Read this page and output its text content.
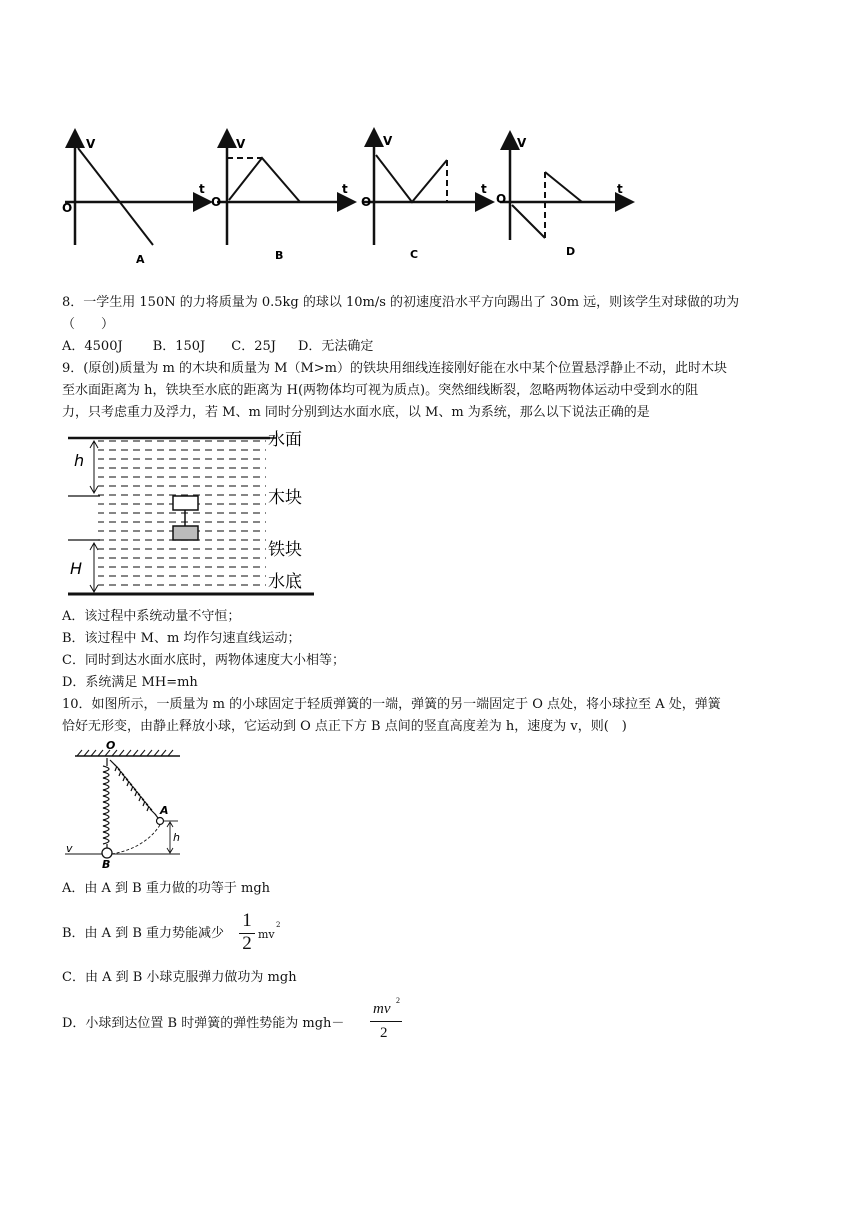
V
t
O
A
V
t
O
B
V
t
O
C
V
t
O
D
8．一学生用 150N 的力将质量为 0.5kg 的球以 10m/s 的初速度沿水平方向踢出了 30m 远，则该学生对球做的功为
（　　）
A．4500J B．150J C．25J D．无法确定
9．(原创)质量为 m 的木块和质量为 M（M>m）的铁块用细线连接刚好能在水中某个位置悬浮静止不动，此时木块
至水面距离为 h，铁块至水底的距离为 H(两物体均可视为质点)。突然细线断裂，忽略两物体运动中受到水的阻
力，只考虑重力及浮力，若 M、m 同时分别到达水面水底，以 M、m 为系统，那么以下说法正确的是
h
H
水面
木块
铁块
水底
A．该过程中系统动量不守恒；
B．该过程中 M、m 均作匀速直线运动；
C．同时到达水面水底时，两物体速度大小相等；
D．系统满足 MH=mh
10．如图所示，一质量为 m 的小球固定于轻质弹簧的一端，弹簧的另一端固定于 O 点处，将小球拉至 A 处，弹簧
恰好无形变，由静止释放小球，它运动到 O 点正下方 B 点间的竖直高度差为 h，速度为 v，则(　)
O
A
h
v
B
A．由 A 到 B 重力做的功等于 mgh
B．由 A 到 B 重力势能减少
1
2 mv
2
C．由 A 到 B 小球克服弹力做功为 mgh
D．小球到达位置 B 时弹簧的弹性势能为 mgh－
mv
2
2
